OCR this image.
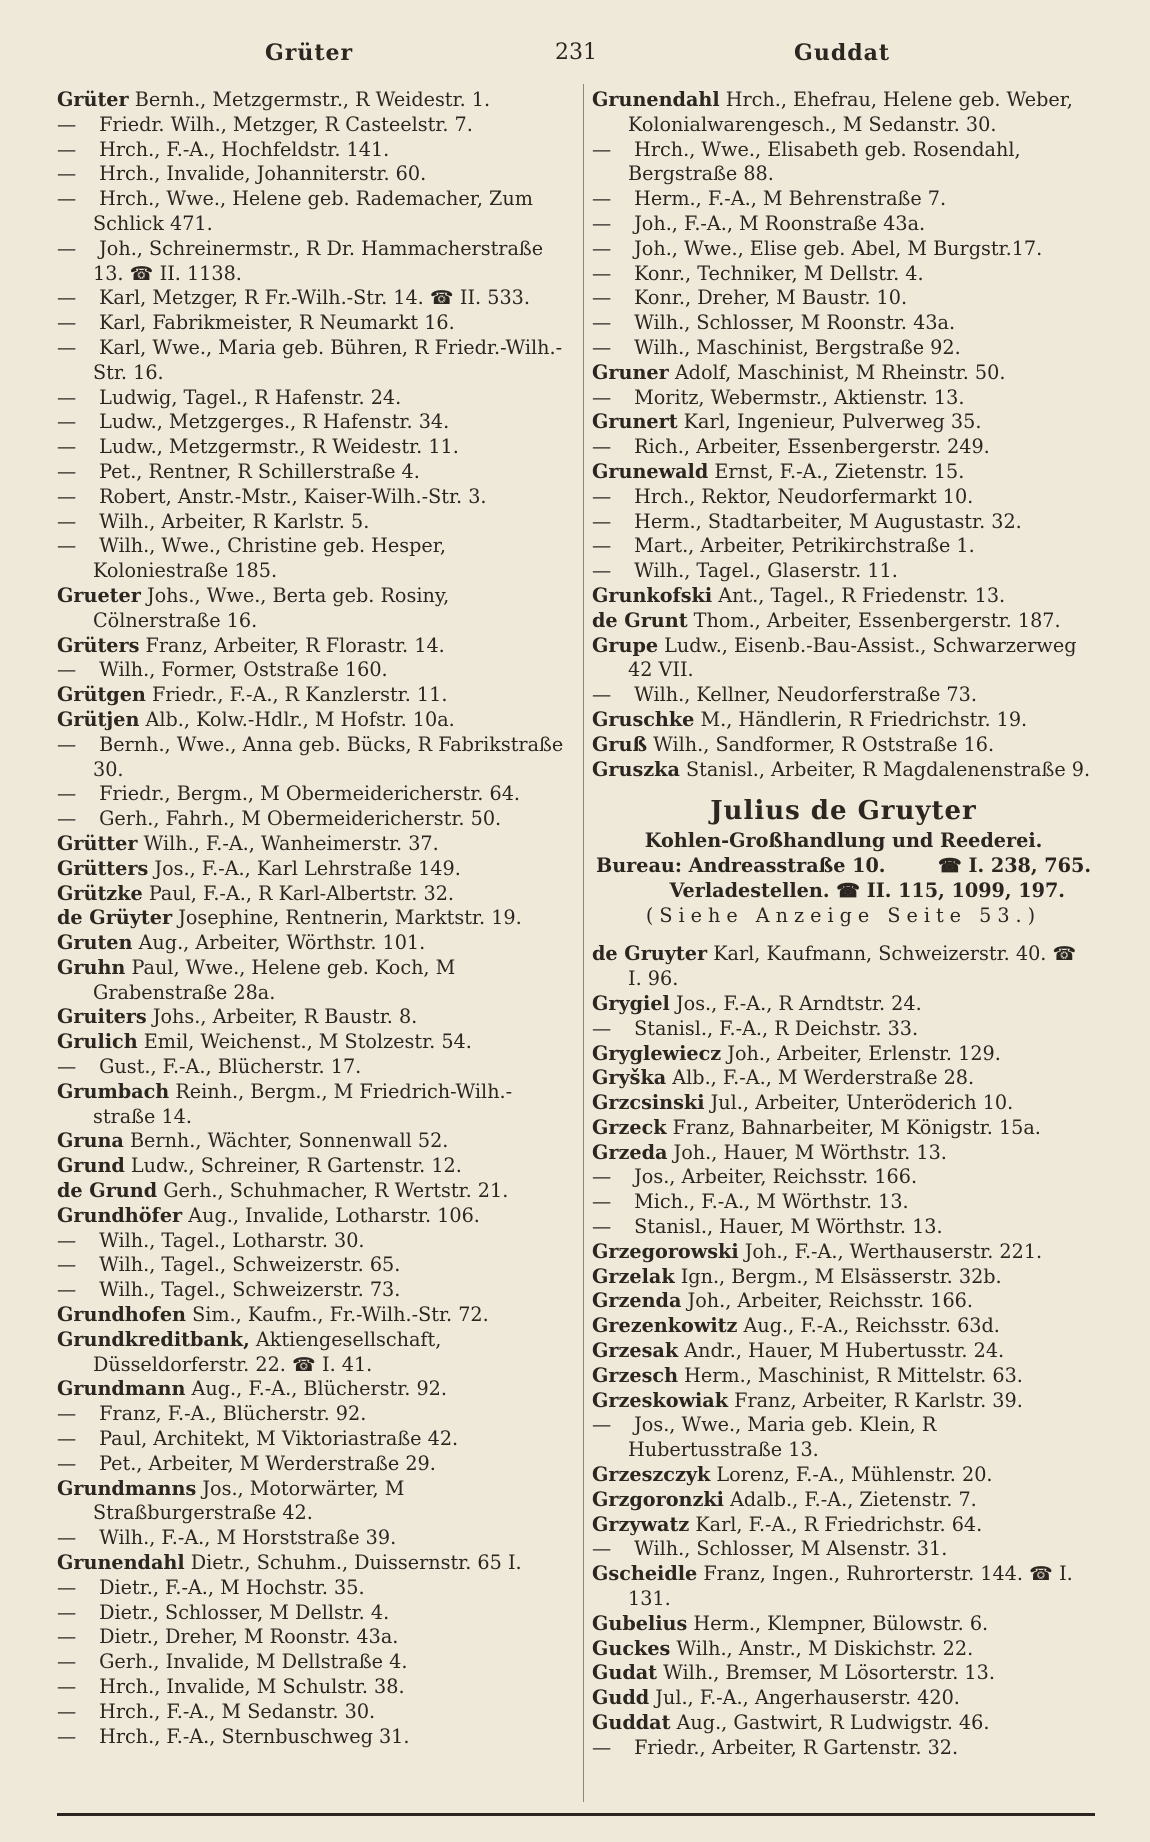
Grüter	231	Guddat

Grüter Bernh., Metzgermstr., R Weidestr. 1.

— Friedr. Wilh., Metzger, R Casteelstr. 7.

— Hrch., F.-A., Hochfeldstr. 141.

— Hrch., Invalide, Johanniterstr. 60.

— Hrch., Wwe., Helene geb. Rademacher, Zum Schlick 471.

— Joh., Schreinermstr., R Dr. Hammacherstraße 13. ☎ II. 1138.

— Karl, Metzger, R Fr.-Wilh.-Str. 14. ☎ II. 533.

— Karl, Fabrikmeister, R Neumarkt 16.

— Karl, Wwe., Maria geb. Bühren, R Friedr.-Wilh.-Str. 16.

— Ludwig, Tagel., R Hafenstr. 24.

— Ludw., Metzgerges., R Hafenstr. 34.

— Ludw., Metzgermstr., R Weidestr. 11.

— Pet., Rentner, R Schillerstraße 4.

— Robert, Anstr.-Mstr., Kaiser-Wilh.-Str. 3.

— Wilh., Arbeiter, R Karlstr. 5.

— Wilh., Wwe., Christine geb. Hesper, Koloniestraße 185.

Grueter Johs., Wwe., Berta geb. Rosiny, Cölnerstraße 16.

Grüters Franz, Arbeiter, R Florastr. 14.

— Wilh., Former, Oststraße 160.

Grütgen Friedr., F.-A., R Kanzlerstr. 11.

Grütjen Alb., Kolw.-Hdlr., M Hofstr. 10a.

— Bernh., Wwe., Anna geb. Bücks, R Fabrikstraße 30.

— Friedr., Bergm., M Obermeidericherstr. 64.

— Gerh., Fahrh., M Obermeidericherstr. 50.

Grütter Wilh., F.-A., Wanheimerstr. 37.

Grütters Jos., F.-A., Karl Lehrstraße 149.

Grützke Paul, F.-A., R Karl-Albertstr. 32.

de Grüyter Josephine, Rentnerin, Marktstr. 19.

Gruten Aug., Arbeiter, Wörthstr. 101.

Gruhn Paul, Wwe., Helene geb. Koch, M Grabenstraße 28a.

Gruiters Johs., Arbeiter, R Baustr. 8.

Grulich Emil, Weichenst., M Stolzestr. 54.

— Gust., F.-A., Blücherstr. 17.

Grumbach Reinh., Bergm., M Friedrich-Wilh.-straße 14.

Gruna Bernh., Wächter, Sonnenwall 52.

Grund Ludw., Schreiner, R Gartenstr. 12.

de Grund Gerh., Schuhmacher, R Wertstr. 21.

Grundhöfer Aug., Invalide, Lotharstr. 106.

— Wilh., Tagel., Lotharstr. 30.

— Wilh., Tagel., Schweizerstr. 65.

— Wilh., Tagel., Schweizerstr. 73.

Grundhofen Sim., Kaufm., Fr.-Wilh.-Str. 72.

Grundkreditbank, Aktiengesellschaft, Düsseldorferstr. 22. ☎ I. 41.

Grundmann Aug., F.-A., Blücherstr. 92.

— Franz, F.-A., Blücherstr. 92.

— Paul, Architekt, M Viktoriastraße 42.

— Pet., Arbeiter, M Werderstraße 29.

Grundmanns Jos., Motorwärter, M Straßburgerstraße 42.

— Wilh., F.-A., M Horststraße 39.

Grunendahl Dietr., Schuhm., Duissernstr. 65 I.

— Dietr., F.-A., M Hochstr. 35.

— Dietr., Schlosser, M Dellstr. 4.

— Dietr., Dreher, M Roonstr. 43a.

— Gerh., Invalide, M Dellstraße 4.

— Hrch., Invalide, M Schulstr. 38.

— Hrch., F.-A., M Sedanstr. 30.

— Hrch., F.-A., Sternbuschweg 31.

Grunendahl Hrch., Ehefrau, Helene geb. Weber, Kolonialwarengesch., M Sedanstr. 30.

— Hrch., Wwe., Elisabeth geb. Rosendahl, Bergstraße 88.

— Herm., F.-A., M Behrenstraße 7.

— Joh., F.-A., M Roonstraße 43a.

— Joh., Wwe., Elise geb. Abel, M Burgstr.17.

— Konr., Techniker, M Dellstr. 4.

— Konr., Dreher, M Baustr. 10.

— Wilh., Schlosser, M Roonstr. 43a.

— Wilh., Maschinist, Bergstraße 92.

Gruner Adolf, Maschinist, M Rheinstr. 50.

— Moritz, Webermstr., Aktienstr. 13.

Grunert Karl, Ingenieur, Pulverweg 35.

— Rich., Arbeiter, Essenbergerstr. 249.

Grunewald Ernst, F.-A., Zietenstr. 15.

— Hrch., Rektor, Neudorfermarkt 10.

— Herm., Stadtarbeiter, M Augustastr. 32.

— Mart., Arbeiter, Petrikirchstraße 1.

— Wilh., Tagel., Glaserstr. 11.

Grunkofski Ant., Tagel., R Friedenstr. 13.

de Grunt Thom., Arbeiter, Essenbergerstr. 187.

Grupe Ludw., Eisenb.-Bau-Assist., Schwarzerweg 42 VII.

— Wilh., Kellner, Neudorferstraße 73.

Gruschke M., Händlerin, R Friedrichstr. 19.

Gruß Wilh., Sandformer, R Oststraße 16.

Gruszka Stanisl., Arbeiter, R Magdalenenstraße 9.

Julius de Gruyter
Kohlen-Großhandlung und Reederei.
Bureau: Andreasstraße 10.	☎ I. 238, 765.
Verladestellen. ☎ II. 115, 1099, 197.
(Siehe Anzeige Seite 53.)

de Gruyter Karl, Kaufmann, Schweizerstr. 40. ☎ I. 96.

Grygiel Jos., F.-A., R Arndtstr. 24.

— Stanisl., F.-A., R Deichstr. 33.

Gryglewiecz Joh., Arbeiter, Erlenstr. 129.

Gryška Alb., F.-A., M Werderstraße 28.

Grzcsinski Jul., Arbeiter, Unteröderich 10.

Grzeck Franz, Bahnarbeiter, M Königstr. 15a.

Grzeda Joh., Hauer, M Wörthstr. 13.

— Jos., Arbeiter, Reichsstr. 166.

— Mich., F.-A., M Wörthstr. 13.

— Stanisl., Hauer, M Wörthstr. 13.

Grzegorowski Joh., F.-A., Werthauserstr. 221.

Grzelak Ign., Bergm., M Elsässerstr. 32b.

Grzenda Joh., Arbeiter, Reichsstr. 166.

Grezenkowitz Aug., F.-A., Reichsstr. 63d.

Grzesak Andr., Hauer, M Hubertusstr. 24.

Grzesch Herm., Maschinist, R Mittelstr. 63.

Grzeskowiak Franz, Arbeiter, R Karlstr. 39.

— Jos., Wwe., Maria geb. Klein, R Hubertusstraße 13.

Grzeszczyk Lorenz, F.-A., Mühlenstr. 20.

Grzgoronzki Adalb., F.-A., Zietenstr. 7.

Grzywatz Karl, F.-A., R Friedrichstr. 64.

— Wilh., Schlosser, M Alsenstr. 31.

Gscheidle Franz, Ingen., Ruhrorterstr. 144. ☎ I. 131.

Gubelius Herm., Klempner, Bülowstr. 6.

Guckes Wilh., Anstr., M Diskichstr. 22.

Gudat Wilh., Bremser, M Lösorterstr. 13.

Gudd Jul., F.-A., Angerhauserstr. 420.

Guddat Aug., Gastwirt, R Ludwigstr. 46.

— Friedr., Arbeiter, R Gartenstr. 32.
